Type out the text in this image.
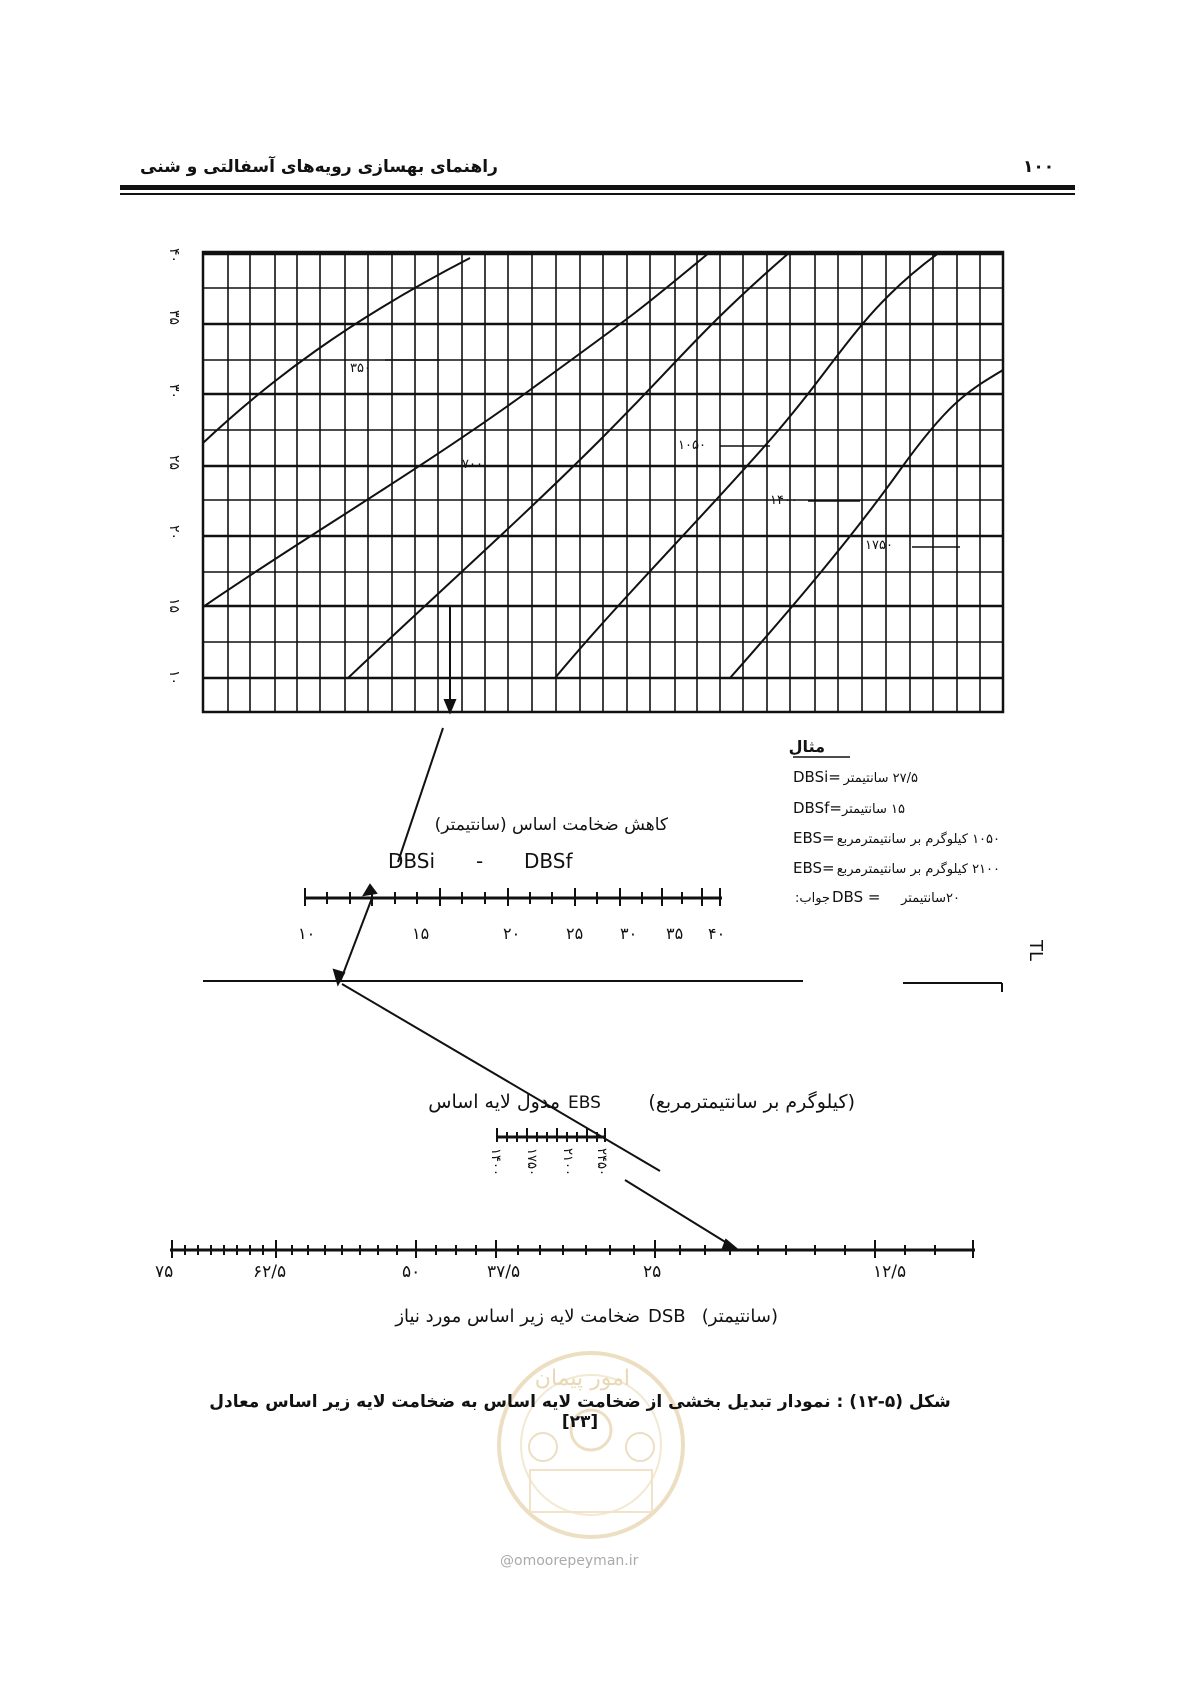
۱۰۰
راهنمای بهسازی رویه‌های آسفالتی و شنی
۴۰
۳۵
۳۰
۲۵
۲۰
۱۵
۱۰
۳۵۰
۷۰۰
۱۰۵۰
۱۴۰۰
۱۷۵۰
۱۰	۱۵	۲۰	۲۵ ۳۰ ۳۵ ۴۰
کاهش ضخامت اساس (سانتیمتر)
DBSi - DBSf
TL
۱۴۰۰ ۱۷۵۰ ۲۱۰۰ ۲۴۵۰
مدول لایه اساس EBS	(کیلوگرم بر سانتیمترمربع)
۷۵	۶۲/۵	۵۰	۳۷/۵	۲۵	۱۲/۵
ضخامت لایه زیر اساس مورد نیاز DSB (سانتیمتر)
مثال
DBSi= ۲۷/۵ سانتیمتر
DBSf= ۱۵ سانتیمتر
EBS= ۱۰۵۰ کیلوگرم بر سانتیمترمربع
EBS= ۲۱۰۰ کیلوگرم بر سانتیمترمربع
جواب: DBS = ۲۰سانتیمتر
امور پیمان
@omoorepeyman.ir
شکل (۵-۱۲) : نمودار تبدیل بخشی از ضخامت لایه اساس به ضخامت لایه زیر اساس معادل [۲۳]
